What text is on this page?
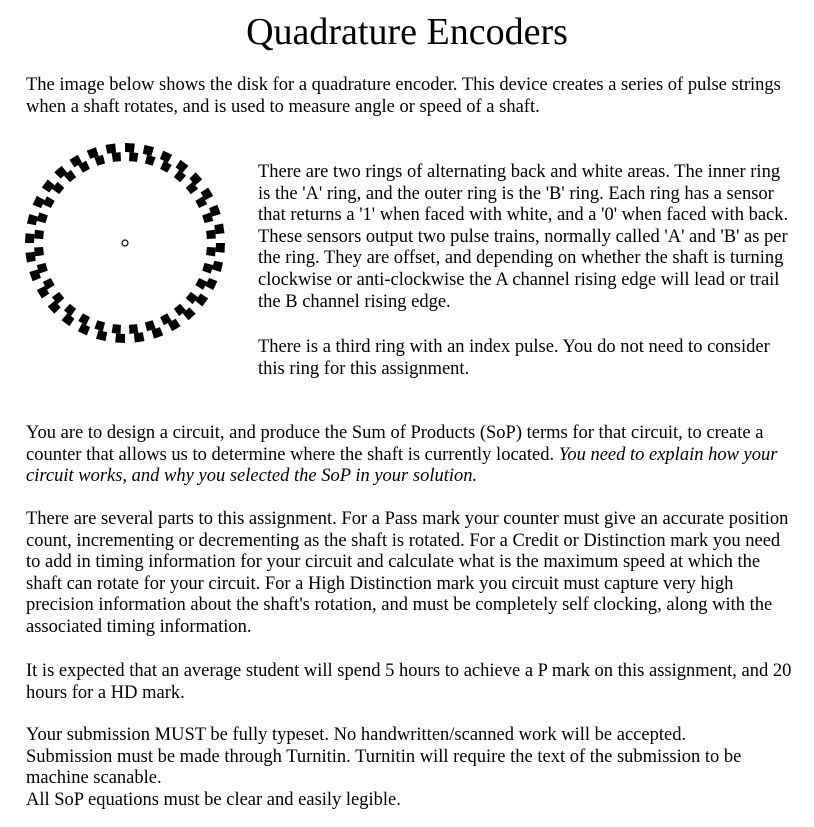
Quadrature Encoders

The image below shows the disk for a quadrature encoder. This device creates a series of pulse strings when a shaft rotates, and is used to measure angle or speed of a shaft.

There are two rings of alternating back and white areas. The inner ring is the 'A' ring, and the outer ring is the 'B' ring. Each ring has a sensor that returns a '1' when faced with white, and a '0' when faced with back. These sensors output two pulse trains, normally called 'A' and 'B' as per the ring. They are offset, and depending on whether the shaft is turning clockwise or anti-clockwise the A channel rising edge will lead or trail the B channel rising edge.

There is a third ring with an index pulse. You do not need to consider this ring for this assignment.

You are to design a circuit, and produce the Sum of Products (SoP) terms for that circuit, to create a counter that allows us to determine where the shaft is currently located. You need to explain how your circuit works, and why you selected the SoP in your solution.

There are several parts to this assignment. For a Pass mark your counter must give an accurate position count, incrementing or decrementing as the shaft is rotated. For a Credit or Distinction mark you need to add in timing information for your circuit and calculate what is the maximum speed at which the shaft can rotate for your circuit. For a High Distinction mark you circuit must capture very high precision information about the shaft's rotation, and must be completely self clocking, along with the associated timing information.

It is expected that an average student will spend 5 hours to achieve a P mark on this assignment, and 20 hours for a HD mark.

Your submission MUST be fully typeset. No handwritten/scanned work will be accepted.
Submission must be made through Turnitin. Turnitin will require the text of the submission to be machine scanable.
All SoP equations must be clear and easily legible.
